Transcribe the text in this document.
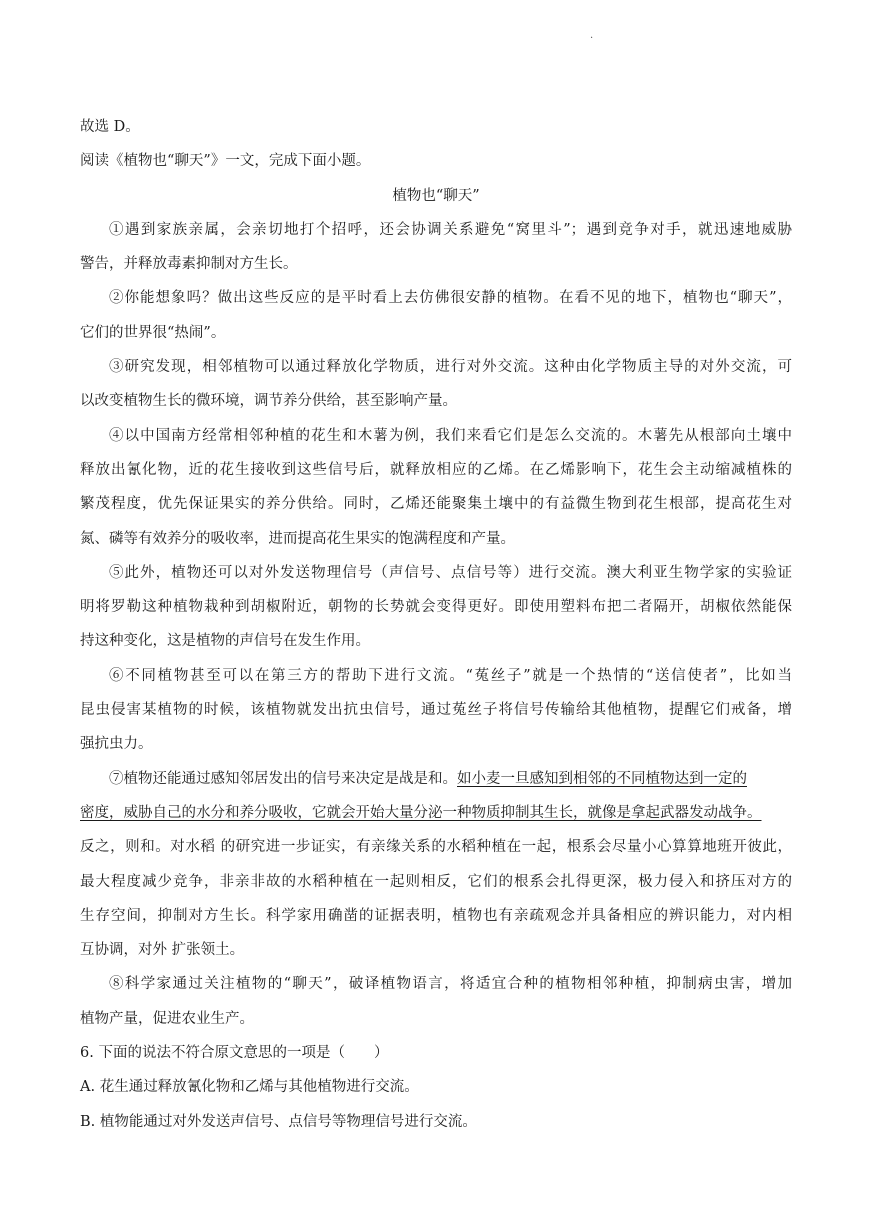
.
故选 D。
阅读《植物也“聊天”》一文，完成下面小题。
植物也“聊天”
①遇到家族亲属，会亲切地打个招呼，还会协调关系避免“窝里斗”；遇到竞争对手，就迅速地威胁
警告，并释放毒素抑制对方生长。
②你能想象吗？做出这些反应的是平时看上去仿佛很安静的植物。在看不见的地下，植物也“聊天”，
它们的世界很“热闹”。
③研究发现，相邻植物可以通过释放化学物质，进行对外交流。这种由化学物质主导的对外交流，可
以改变植物生长的微环境，调节养分供给，甚至影响产量。
④以中国南方经常相邻种植的花生和木薯为例，我们来看它们是怎么交流的。木薯先从根部向土壤中
释放出氰化物，近的花生接收到这些信号后，就释放相应的乙烯。在乙烯影响下，花生会主动缩减植株的
繁茂程度，优先保证果实的养分供给。同时，乙烯还能聚集土壤中的有益微生物到花生根部，提高花生对
氮、磷等有效养分的吸收率，进而提高花生果实的饱满程度和产量。
⑤此外，植物还可以对外发送物理信号（声信号、点信号等）进行交流。澳大利亚生物学家的实验证
明将罗勒这种植物栽种到胡椒附近，朝物的长势就会变得更好。即使用塑料布把二者隔开，胡椒依然能保
持这种变化，这是植物的声信号在发生作用。
⑥不同植物甚至可以在第三方的帮助下进行文流。“菟丝子”就是一个热情的“送信使者”，比如当
昆虫侵害某植物的时候，该植物就发出抗虫信号，通过菟丝子将信号传输给其他植物，提醒它们戒备，增
强抗虫力。
⑦植物还能通过感知邻居发出的信号来决定是战是和。如小麦一旦感知到相邻的不同植物达到一定的
密度，威胁自己的水分和养分吸收，它就会开始大量分泌一种物质抑制其生长，就像是拿起武器发动战争。
反之，则和。对水稻 的研究进一步证实，有亲缘关系的水稻种植在一起，根系会尽量小心算算地班开彼此，
最大程度减少竞争，非亲非故的水稻种植在一起则相反，它们的根系会扎得更深，极力侵入和挤压对方的
生存空间，抑制对方生长。科学家用确凿的证据表明，植物也有亲疏观念并具备相应的辨识能力，对内相
互协调，对外 扩张领土。
⑧科学家通过关注植物的“聊天”，破译植物语言，将适宜合种的植物相邻种植，抑制病虫害，增加
植物产量，促进农业生产。
6. 下面的说法不符合原文意思的一项是（　　）
A. 花生通过释放氰化物和乙烯与其他植物进行交流。
B. 植物能通过对外发送声信号、点信号等物理信号进行交流。
